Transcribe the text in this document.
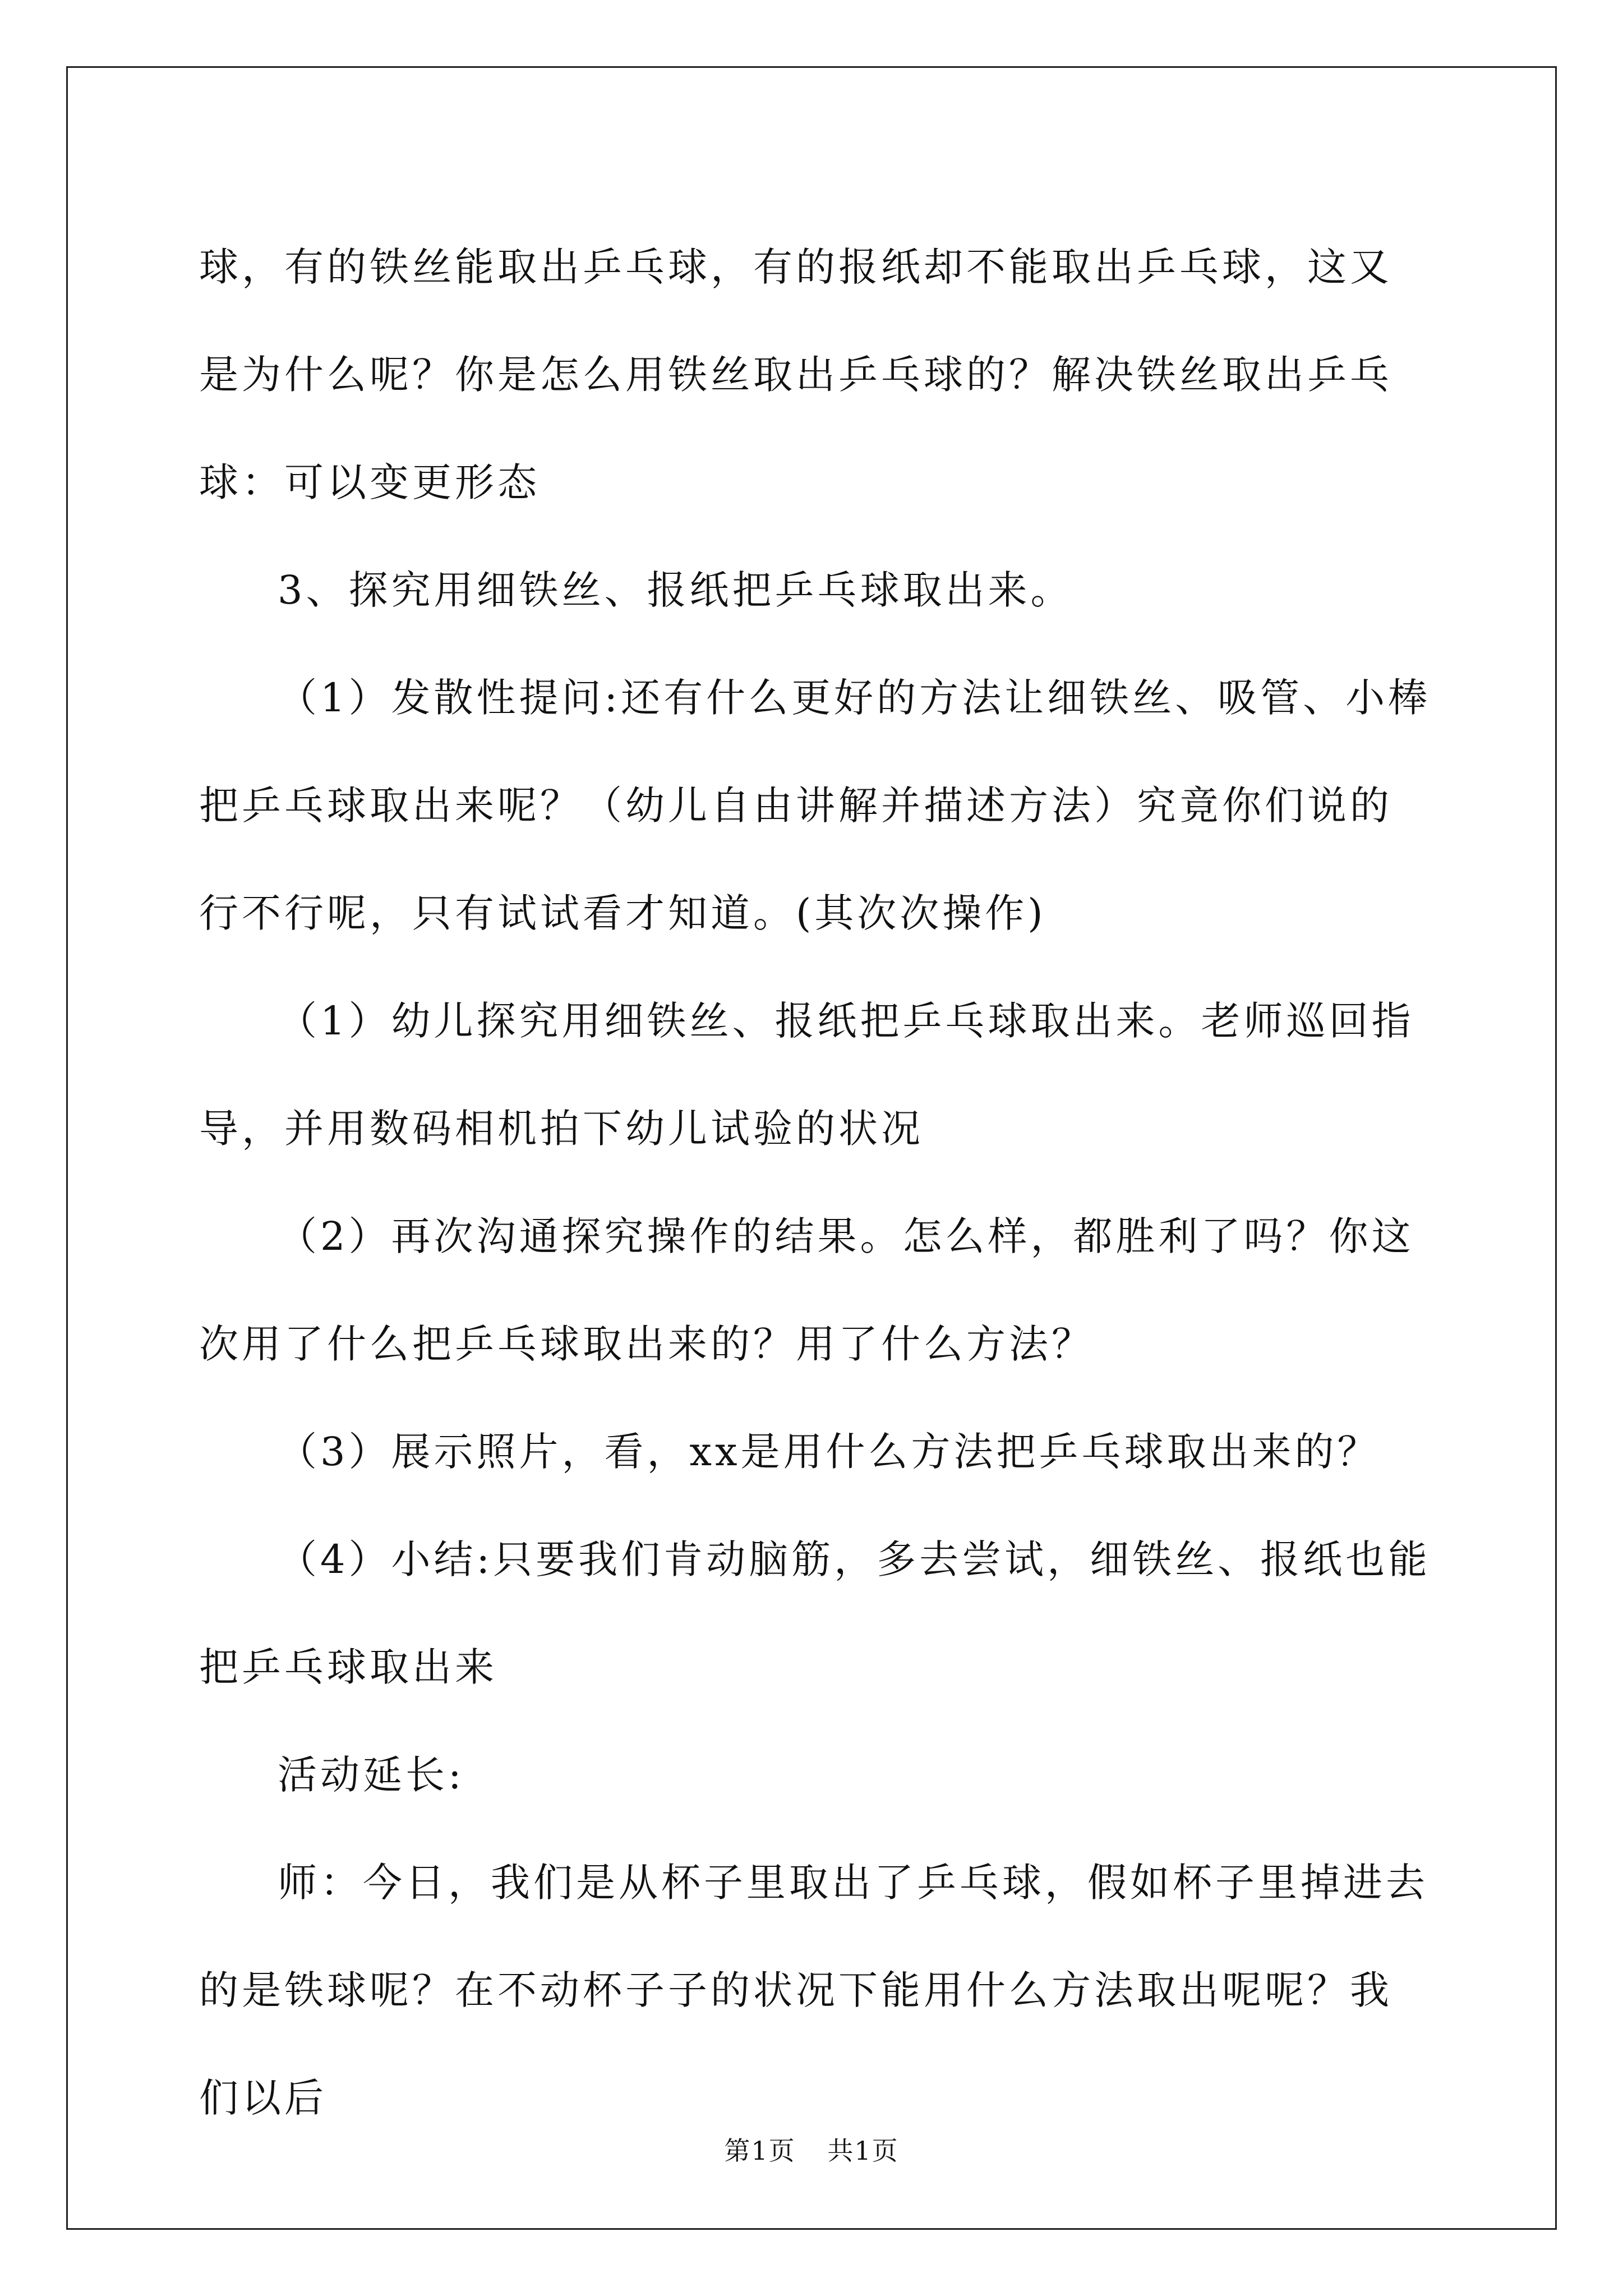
球，有的铁丝能取出乒乓球，有的报纸却不能取出乒乓球，这又是为什么呢？你是怎么用铁丝取出乒乓球的？解决铁丝取出乒乓球：可以变更形态

3、探究用细铁丝、报纸把乒乓球取出来。

（1）发散性提问:还有什么更好的方法让细铁丝、吸管、小棒把乒乓球取出来呢？（幼儿自由讲解并描述方法）究竟你们说的行不行呢，只有试试看才知道。(其次次操作)

（1）幼儿探究用细铁丝、报纸把乒乓球取出来。老师巡回指导，并用数码相机拍下幼儿试验的状况

（2）再次沟通探究操作的结果。怎么样，都胜利了吗？你这次用了什么把乒乓球取出来的？用了什么方法？

（3）展示照片，看，xx是用什么方法把乒乓球取出来的？

（4）小结:只要我们肯动脑筋，多去尝试，细铁丝、报纸也能把乒乓球取出来

活动延长:

师：今日，我们是从杯子里取出了乒乓球，假如杯子里掉进去的是铁球呢？在不动杯子子的状况下能用什么方法取出呢呢？我们以后

第1页 共1页
